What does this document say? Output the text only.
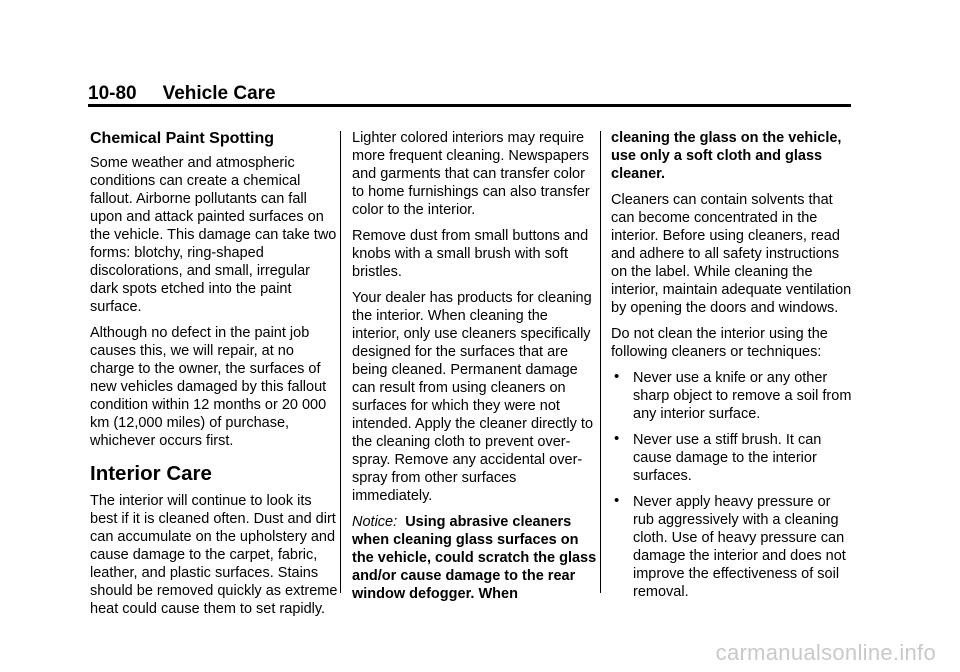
10-80 Vehicle Care
Chemical Paint Spotting

Some weather and atmospheric conditions can create a chemical fallout. Airborne pollutants can fall upon and attack painted surfaces on the vehicle. This damage can take two forms: blotchy, ring-shaped discolorations, and small, irregular dark spots etched into the paint surface.

Although no defect in the paint job causes this, we will repair, at no charge to the owner, the surfaces of new vehicles damaged by this fallout condition within 12 months or 20 000 km (12,000 miles) of purchase, whichever occurs first.

Interior Care

The interior will continue to look its best if it is cleaned often. Dust and dirt can accumulate on the upholstery and cause damage to the carpet, fabric, leather, and plastic surfaces. Stains should be removed quickly as extreme heat could cause them to set rapidly.

Lighter colored interiors may require more frequent cleaning. Newspapers and garments that can transfer color to home furnishings can also transfer color to the interior.

Remove dust from small buttons and knobs with a small brush with soft bristles.

Your dealer has products for cleaning the interior. When cleaning the interior, only use cleaners specifically designed for the surfaces that are being cleaned. Permanent damage can result from using cleaners on surfaces for which they were not intended. Apply the cleaner directly to the cleaning cloth to prevent over-spray. Remove any accidental over-spray from other surfaces immediately.

Notice: Using abrasive cleaners when cleaning glass surfaces on the vehicle, could scratch the glass and/or cause damage to the rear window defogger. When

cleaning the glass on the vehicle, use only a soft cloth and glass cleaner.

Cleaners can contain solvents that can become concentrated in the interior. Before using cleaners, read and adhere to all safety instructions on the label. While cleaning the interior, maintain adequate ventilation by opening the doors and windows.

Do not clean the interior using the following cleaners or techniques:

• Never use a knife or any other sharp object to remove a soil from any interior surface.
• Never use a stiff brush. It can cause damage to the interior surfaces.
• Never apply heavy pressure or rub aggressively with a cleaning cloth. Use of heavy pressure can damage the interior and does not improve the effectiveness of soil removal.
carmanualsonline.info
